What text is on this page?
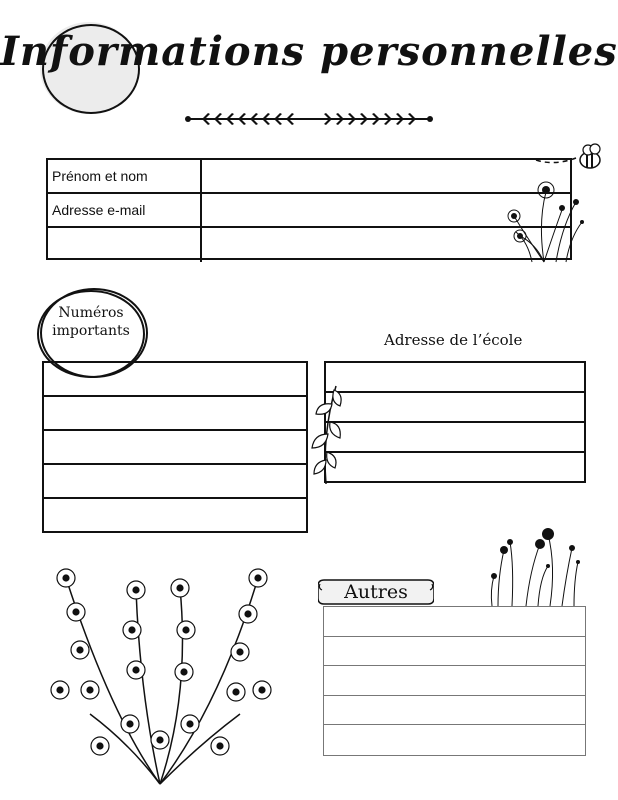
Informations personnelles
Prénom et nom
Adresse e-mail
Numéros
importants	Adresse de l’école
Autres
